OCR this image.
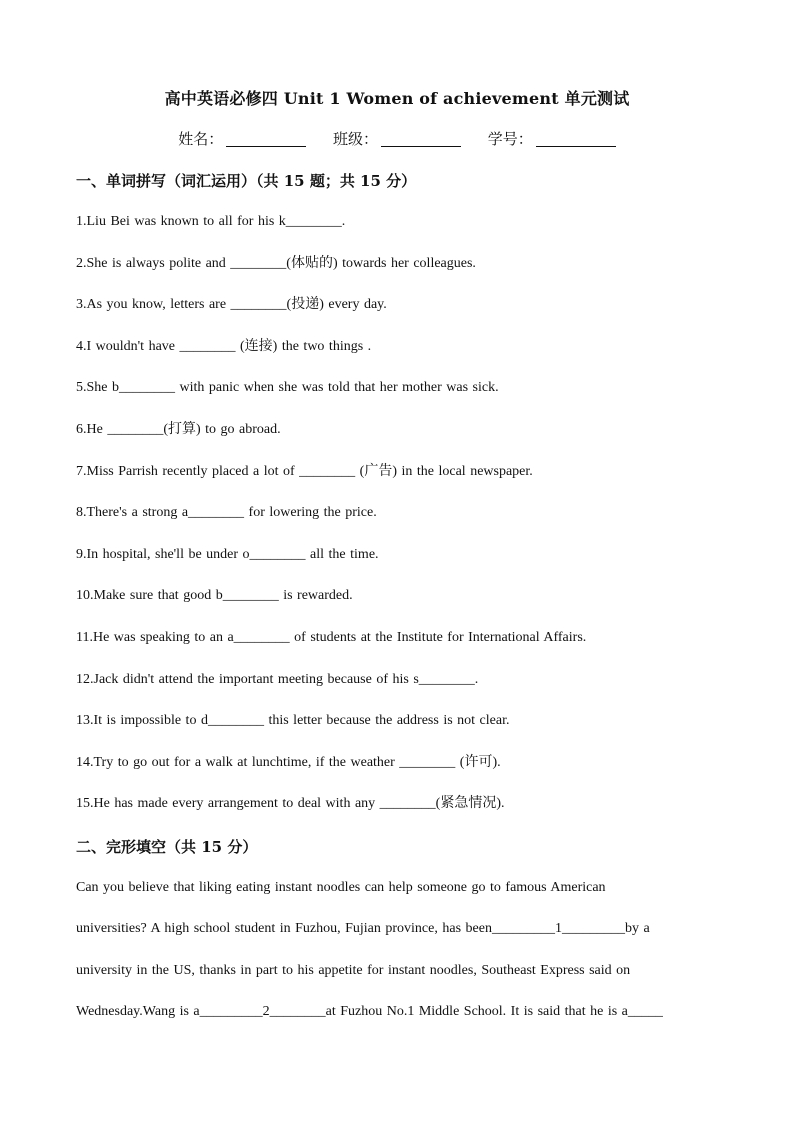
高中英语必修四 Unit 1 Women of achievement 单元测试
姓名：	班级：	学号：
一、单词拼写（词汇运用）（共 15 题；共 15 分）
1.Liu Bei was known to all for his k________.
2.She is always polite and ________(体贴的) towards her colleagues.
3.As you know, letters are ________(投递) every day.
4.I wouldn't have ________ (连接) the two things .
5.She b________ with panic when she was told that her mother was sick.
6.He ________(打算) to go abroad.
7.Miss Parrish recently placed a lot of ________ (广告) in the local newspaper.
8.There's a strong a________ for lowering the price.
9.In hospital, she'll be under o________ all the time.
10.Make sure that good b________ is rewarded.
11.He was speaking to an a________ of students at the Institute for International Affairs.
12.Jack didn't attend the important meeting because of his s________.
13.It is impossible to d________ this letter because the address is not clear.
14.Try to go out for a walk at lunchtime, if the weather ________ (许可).
15.He has made every arrangement to deal with any ________(紧急情况).
二、完形填空（共 15 分）
Can you believe that liking eating instant noodles can help someone go to famous American
universities? A high school student in Fuzhou, Fujian province, has been_________1_________by a
university in the US, thanks in part to his appetite for instant noodles, Southeast Express said on
Wednesday.Wang is a_________2________at Fuzhou No.1 Middle School. It is said that he is a_____
